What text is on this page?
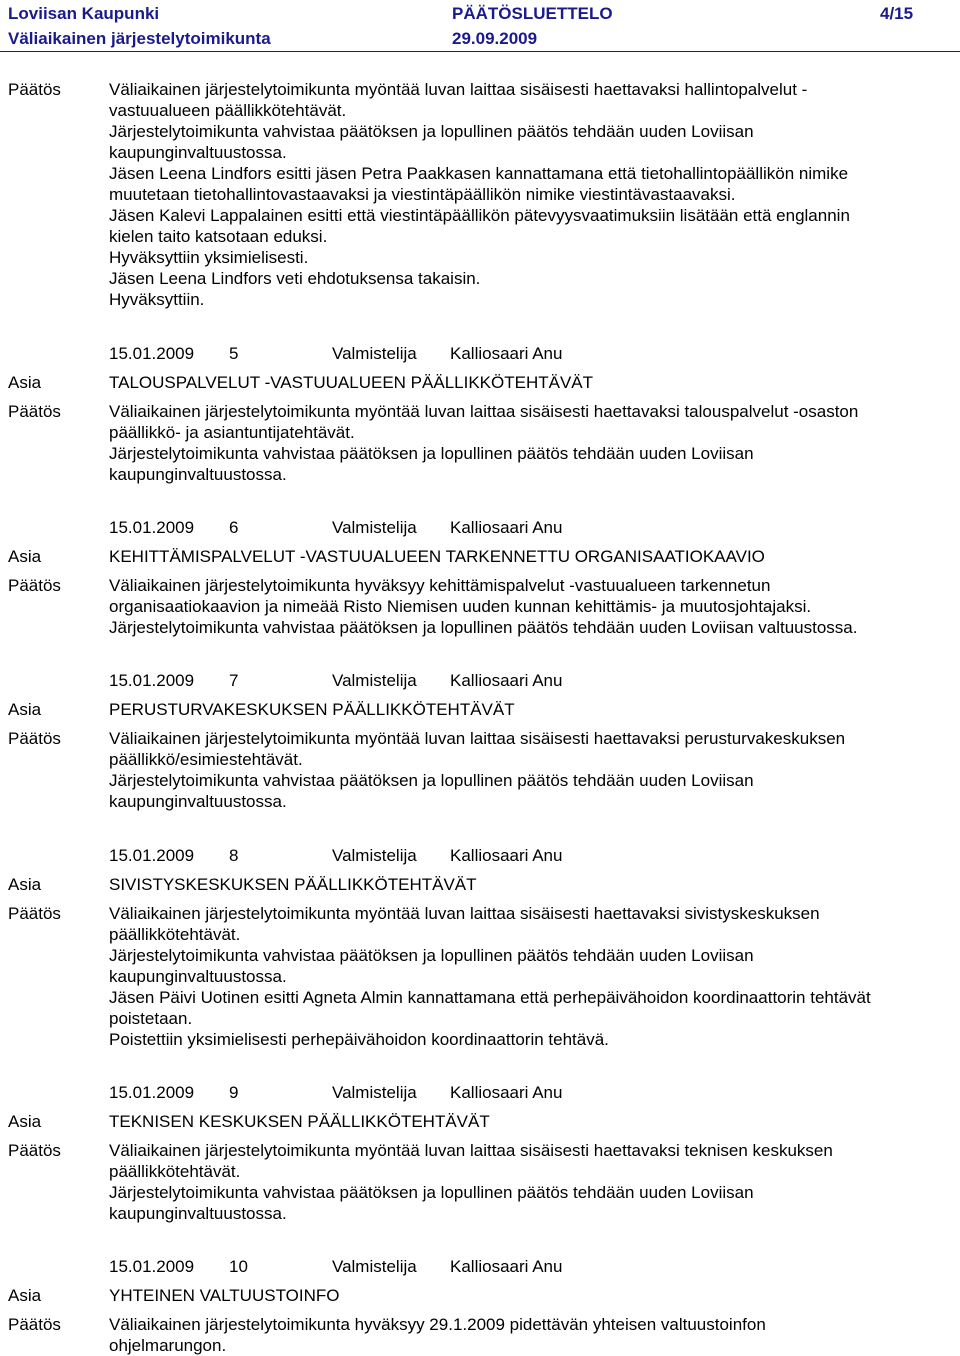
Loviisan Kaupunki	PÄÄTÖSLUETTELO	4/15
Väliaikainen järjestelytoimikunta	29.09.2009
Päätös	Väliaikainen järjestelytoimikunta myöntää luvan laittaa sisäisesti haettavaksi hallintopalvelut -

vastuualueen päällikkötehtävät.

Järjestelytoimikunta vahvistaa päätöksen ja lopullinen päätös tehdään uuden Loviisan

kaupunginvaltuustossa.

Jäsen Leena Lindfors esitti jäsen Petra Paakkasen kannattamana että tietohallintopäällikön nimike

muutetaan tietohallintovastaavaksi ja viestintäpäällikön nimike viestintävastaavaksi.

Jäsen Kalevi Lappalainen esitti että viestintäpäällikön pätevyysvaatimuksiin lisätään että englannin

kielen taito katsotaan eduksi.

Hyväksyttiin yksimielisesti.

Jäsen Leena Lindfors veti ehdotuksensa takaisin.

Hyväksyttiin.

15.01.2009 5	Valmistelija Kalliosaari Anu
Asia	TALOUSPALVELUT -VASTUUALUEEN PÄÄLLIKKÖTEHTÄVÄT
Päätös	Väliaikainen järjestelytoimikunta myöntää luvan laittaa sisäisesti haettavaksi talouspalvelut -osaston

päällikkö- ja asiantuntijatehtävät.

Järjestelytoimikunta vahvistaa päätöksen ja lopullinen päätös tehdään uuden Loviisan

kaupunginvaltuustossa.

15.01.2009 6	Valmistelija Kalliosaari Anu
Asia	KEHITTÄMISPALVELUT -VASTUUALUEEN TARKENNETTU ORGANISAATIOKAAVIO
Päätös	Väliaikainen järjestelytoimikunta hyväksyy kehittämispalvelut -vastuualueen tarkennetun

organisaatiokaavion ja nimeää Risto Niemisen uuden kunnan kehittämis- ja muutosjohtajaksi.

Järjestelytoimikunta vahvistaa päätöksen ja lopullinen päätös tehdään uuden Loviisan valtuustossa.

15.01.2009 7	Valmistelija Kalliosaari Anu
Asia	PERUSTURVAKESKUKSEN PÄÄLLIKKÖTEHTÄVÄT
Päätös	Väliaikainen järjestelytoimikunta myöntää luvan laittaa sisäisesti haettavaksi perusturvakeskuksen

päällikkö/esimiestehtävät.

Järjestelytoimikunta vahvistaa päätöksen ja lopullinen päätös tehdään uuden Loviisan

kaupunginvaltuustossa.

15.01.2009 8	Valmistelija Kalliosaari Anu
Asia	SIVISTYSKESKUKSEN PÄÄLLIKKÖTEHTÄVÄT
Päätös	Väliaikainen järjestelytoimikunta myöntää luvan laittaa sisäisesti haettavaksi sivistyskeskuksen

päällikkötehtävät.

Järjestelytoimikunta vahvistaa päätöksen ja lopullinen päätös tehdään uuden Loviisan

kaupunginvaltuustossa.

Jäsen Päivi Uotinen esitti Agneta Almin kannattamana että perhepäivähoidon koordinaattorin tehtävät

poistetaan.

Poistettiin yksimielisesti perhepäivähoidon koordinaattorin tehtävä.

15.01.2009 9	Valmistelija Kalliosaari Anu
Asia	TEKNISEN KESKUKSEN PÄÄLLIKKÖTEHTÄVÄT
Päätös	Väliaikainen järjestelytoimikunta myöntää luvan laittaa sisäisesti haettavaksi teknisen keskuksen

päällikkötehtävät.

Järjestelytoimikunta vahvistaa päätöksen ja lopullinen päätös tehdään uuden Loviisan

kaupunginvaltuustossa.

15.01.2009 10	Valmistelija Kalliosaari Anu
Asia	YHTEINEN VALTUUSTOINFO
Päätös	Väliaikainen järjestelytoimikunta hyväksyy 29.1.2009 pidettävän yhteisen valtuustoinfon

ohjelmarungon.
